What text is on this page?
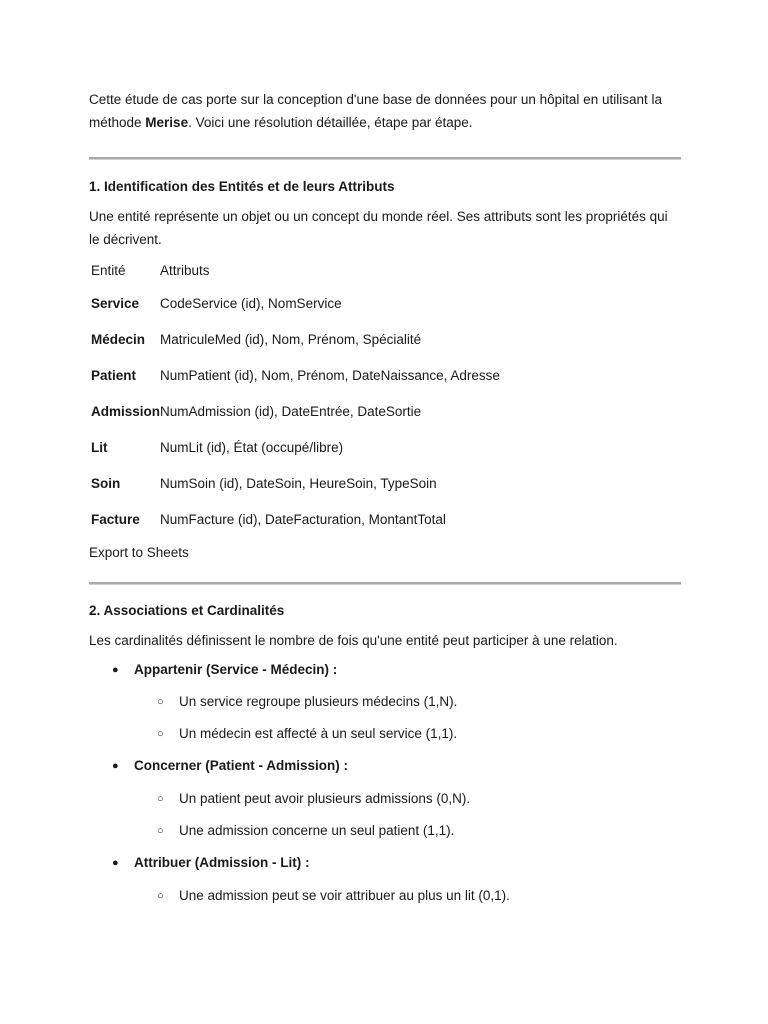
Cette étude de cas porte sur la conception d'une base de données pour un hôpital en utilisant la méthode Merise. Voici une résolution détaillée, étape par étape.

1. Identification des Entités et de leurs Attributs

Une entité représente un objet ou un concept du monde réel. Ses attributs sont les propriétés qui le décrivent.

Entité	Attributs
Service	CodeService (id), NomService
Médecin	MatriculeMed (id), Nom, Prénom, Spécialité
Patient	NumPatient (id), Nom, Prénom, DateNaissance, Adresse
Admission	NumAdmission (id), DateEntrée, DateSortie
Lit	NumLit (id), État (occupé/libre)
Soin	NumSoin (id), DateSoin, HeureSoin, TypeSoin
Facture	NumFacture (id), DateFacturation, MontantTotal
Export to Sheets
2. Associations et Cardinalités

Les cardinalités définissent le nombre de fois qu'une entité peut participer à une relation.

● Appartenir (Service - Médecin) :
○ Un service regroupe plusieurs médecins (1,N).
○ Un médecin est affecté à un seul service (1,1).
● Concerner (Patient - Admission) :
○ Un patient peut avoir plusieurs admissions (0,N).
○ Une admission concerne un seul patient (1,1).
● Attribuer (Admission - Lit) :
○ Une admission peut se voir attribuer au plus un lit (0,1).
